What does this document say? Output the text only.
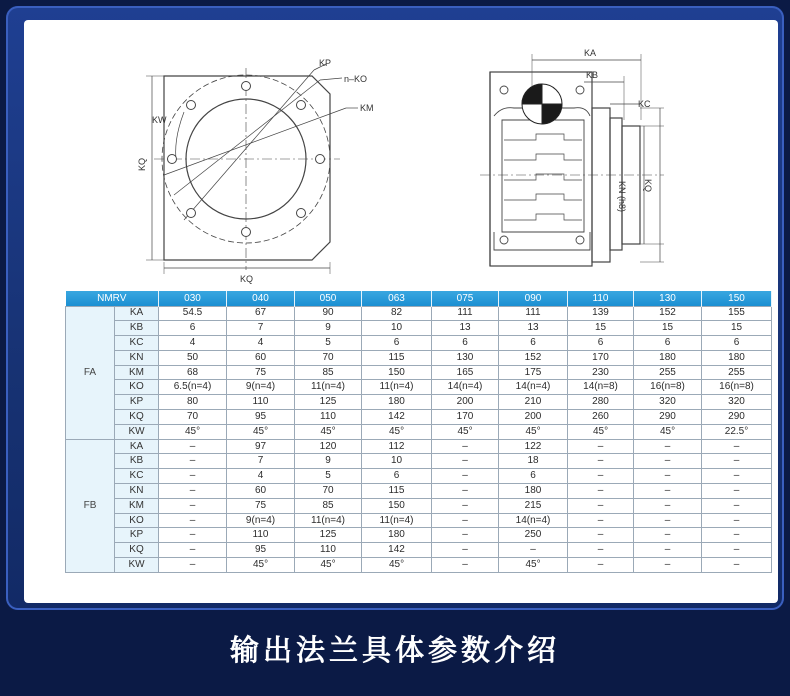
KP
n–KO
KM
KW
KQ
KQ
KA
KB
KC
KN (h8) KQ
NMRV		030	040	050	063	075	090	110	130	150
FA	KA	54.5	67	90	82	111	111	139	152	155
	KB	6	7	9	10	13	13	15	15	15
	KC	4	4	5	6	6	6	6	6	6
	KN	50	60	70	115	130	152	170	180	180
	KM	68	75	85	150	165	175	230	255	255
	KO	6.5(n=4)	9(n=4)	11(n=4)	11(n=4)	14(n=4)	14(n=4)	14(n=8)	16(n=8)	16(n=8)
	KP	80	110	125	180	200	210	280	320	320
	KQ	70	95	110	142	170	200	260	290	290
	KW	45°	45°	45°	45°	45°	45°	45°	45°	22.5°
FB	KA	–	97	120	112	–	122	–	–	–
	KB	–	7	9	10	–	18	–	–	–
	KC	–	4	5	6	–	6	–	–	–
	KN	–	60	70	115	–	180	–	–	–
	KM	–	75	85	150	–	215	–	–	–
	KO	–	9(n=4)	11(n=4)	11(n=4)	–	14(n=4)	–	–	–
	KP	–	110	125	180	–	250	–	–	–
	KQ	–	95	110	142	–	–	–	–	–
	KW	–	45°	45°	45°	–	45°	–	–	–
输出法兰具体参数介绍
